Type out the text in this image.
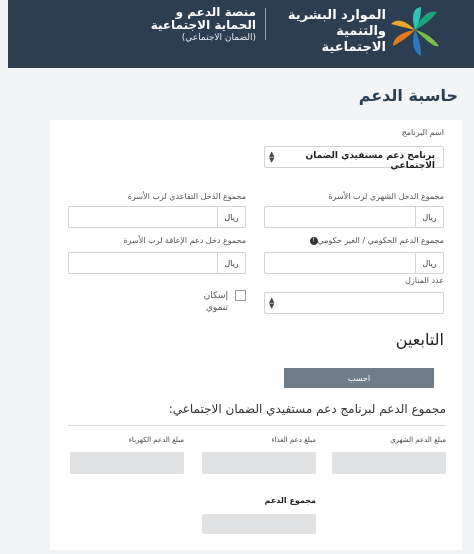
الموارد البشرية
والتنمية الاجتماعية
منصة الدعم و
الحماية الاجتماعية
(الضمان الاجتماعي)
حاسبة الدعم
اسم البرنامج
برنامج دعم مستفيدي الضمان الاجتماعي
▲
▼
مجموع الدخل الشهري لرب الأسرة
مجموع الدخل التقاعدي لرب الأسرة
ريال
ريال
مجموع الدعم الحكومي / الغير حكومي!
مجموع دخل دعم الإعاقة لرب الأسرة
ريال
ريال
عدد المنازل
▲
▼
إسكان تنموي
التابعين
احسب
مجموع الدعم لبرنامج دعم مستفيدي الضمان الاجتماعي:
مبلغ الدعم الشهري
مبلغ دعم الغذاء
مبلغ الدعم الكهرباء
مجموع الدعم
